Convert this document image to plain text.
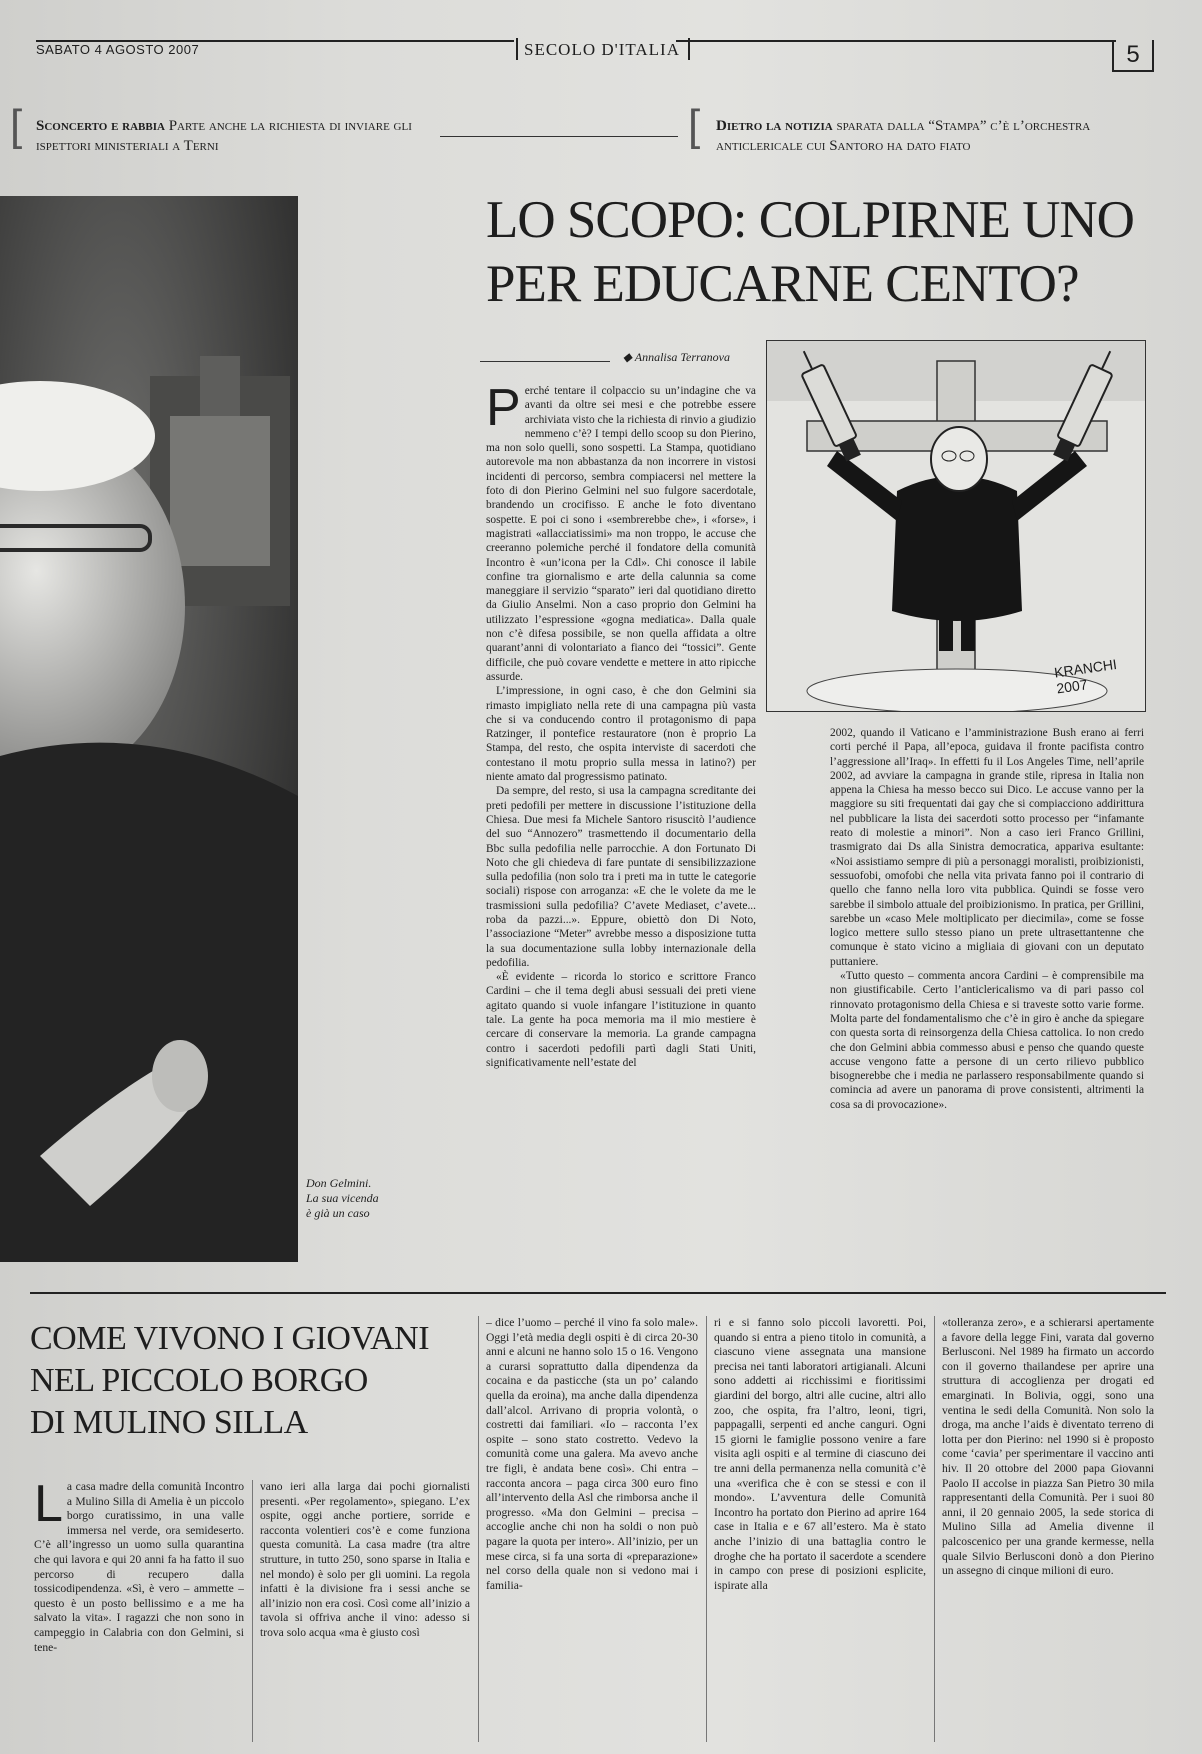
SABATO 4 AGOSTO 2007	SECOLO D'ITALIA	5
[ Sconcerto e rabbia Parte anche la richiesta di inviare gli ispettori ministeriali a Terni	[ Dietro la notizia sparata dalla “Stampa” c’è l’orchestra anticlericale cui Santoro ha dato fiato
Don Gelmini.
La sua vicenda
è già un caso
LO SCOPO: COLPIRNE UNO
PER EDUCARNE CENTO?
◆ Annalisa Terranova
KRANCHI 2007
P erché tentare il colpaccio su un’indagine che va avanti da oltre sei mesi e che potrebbe essere archiviata visto che la richiesta di rinvio a giudizio nemmeno c’è? I tempi dello scoop su don Pierino, ma non solo quelli, sono sospetti. La Stampa, quotidiano autorevole ma non abbastanza da non incorrere in vistosi incidenti di percorso, sembra compiacersi nel mettere la foto di don Pierino Gelmini nel suo fulgore sacerdotale, brandendo un crocifisso. E anche le foto diventano sospette. E poi ci sono i «sembrerebbe che», i «forse», i magistrati «allacciatissimi» ma non troppo, le accuse che creeranno polemiche perché il fondatore della comunità Incontro è «un’icona per la Cdl». Chi conosce il labile confine tra giornalismo e arte della calunnia sa come maneggiare il servizio “sparato” ieri dal quotidiano diretto da Giulio Anselmi. Non a caso proprio don Gelmini ha utilizzato l’espressione «gogna mediatica». Dalla quale non c’è difesa possibile, se non quella affidata a oltre quarant’anni di volontariato a fianco dei “tossici”. Gente difficile, che può covare vendette e mettere in atto ripicche assurde.

L’impressione, in ogni caso, è che don Gelmini sia rimasto impigliato nella rete di una campagna più vasta che si va conducendo contro il protagonismo di papa Ratzinger, il pontefice restauratore (non è proprio La Stampa, del resto, che ospita interviste di sacerdoti che contestano il motu proprio sulla messa in latino?) per niente amato dal progressismo patinato.

Da sempre, del resto, si usa la campagna screditante dei preti pedofili per mettere in discussione l’istituzione della Chiesa. Due mesi fa Michele Santoro risuscitò l’audience del suo “Annozero” trasmettendo il documentario della Bbc sulla pedofilia nelle parrocchie. A don Fortunato Di Noto che gli chiedeva di fare puntate di sensibilizzazione sulla pedofilia (non solo tra i preti ma in tutte le categorie sociali) rispose con arroganza: «E che le volete da me le trasmissioni sulla pedofilia? C’avete Mediaset, c’avete... roba da pazzi...». Eppure, obiettò don Di Noto, l’associazione “Meter” avrebbe messo a disposizione tutta la sua documentazione sulla lobby internazionale della pedofilia.

«È evidente – ricorda lo storico e scrittore Franco Cardini – che il tema degli abusi sessuali dei preti viene agitato quando si vuole infangare l’istituzione in quanto tale. La gente ha poca memoria ma il mio mestiere è cercare di conservare la memoria. La grande campagna contro i sacerdoti pedofili partì dagli Stati Uniti, significativamente nell’estate del

2002, quando il Vaticano e l’amministrazione Bush erano ai ferri corti perché il Papa, all’epoca, guidava il fronte pacifista contro l’aggressione all’Iraq». In effetti fu il Los Angeles Time, nell’aprile 2002, ad avviare la campagna in grande stile, ripresa in Italia non appena la Chiesa ha messo becco sui Dico. Le accuse vanno per la maggiore su siti frequentati dai gay che si compiacciono addirittura nel pubblicare la lista dei sacerdoti sotto processo per “infamante reato di molestie a minori”. Non a caso ieri Franco Grillini, trasmigrato dai Ds alla Sinistra democratica, appariva esultante: «Noi assistiamo sempre di più a personaggi moralisti, proibizionisti, sessuofobi, omofobi che nella vita privata fanno poi il contrario di quello che fanno nella loro vita pubblica. Quindi se fosse vero sarebbe il simbolo attuale del proibizionismo. In pratica, per Grillini, sarebbe un «caso Mele moltiplicato per diecimila», come se fosse logico mettere sullo stesso piano un prete ultrasettantenne che comunque è stato vicino a migliaia di giovani con un deputato puttaniere.

«Tutto questo – commenta ancora Cardini – è comprensibile ma non giustificabile. Certo l’anticlericalismo va di pari passo col rinnovato protagonismo della Chiesa e si traveste sotto varie forme. Molta parte del fondamentalismo che c’è in giro è anche da spiegare con questa sorta di reinsorgenza della Chiesa cattolica. Io non credo che don Gelmini abbia commesso abusi e penso che quando queste accuse vengono fatte a persone di un certo rilievo pubblico bisognerebbe che i media ne parlassero responsabilmente quando si comincia ad avere un panorama di prove consistenti, altrimenti la cosa sa di provocazione».

COME VIVONO I GIOVANI
NEL PICCOLO BORGO
DI MULINO SILLA
L a casa madre della comunità Incontro a Mulino Silla di Amelia è un piccolo borgo curatissimo, in una valle immersa nel verde, ora semideserto. C’è all’ingresso un uomo sulla quarantina che qui lavora e qui 20 anni fa ha fatto il suo percorso di recupero dalla tossicodipendenza. «Sì, è vero – ammette – questo è un posto bellissimo e a me ha salvato la vita». I ragazzi che non sono in campeggio in Calabria con don Gelmini, si tene-

vano ieri alla larga dai pochi giornalisti presenti. «Per regolamento», spiegano. L’ex ospite, oggi anche portiere, sorride e racconta volentieri cos’è e come funziona questa comunità. La casa madre (tra altre strutture, in tutto 250, sono sparse in Italia e nel mondo) è solo per gli uomini. La regola infatti è la divisione fra i sessi anche se all’inizio non era così. Così come all’inizio a tavola si offriva anche il vino: adesso si trova solo acqua «ma è giusto così

– dice l’uomo – perché il vino fa solo male». Oggi l’età media degli ospiti è di circa 20-30 anni e alcuni ne hanno solo 15 o 16. Vengono a curarsi soprattutto dalla dipendenza da cocaina e da pasticche (sta un po’ calando quella da eroina), ma anche dalla dipendenza dall’alcol. Arrivano di propria volontà, o costretti dai familiari. «Io – racconta l’ex ospite – sono stato costretto. Vedevo la comunità come una galera. Ma avevo anche tre figli, è andata bene così». Chi entra – racconta ancora – paga circa 300 euro fino all’intervento della Asl che rimborsa anche il progresso. «Ma don Gelmini – precisa – accoglie anche chi non ha soldi o non può pagare la quota per intero». All’inizio, per un mese circa, si fa una sorta di «preparazione» nel corso della quale non si vedono mai i familia-

ri e si fanno solo piccoli lavoretti. Poi, quando si entra a pieno titolo in comunità, a ciascuno viene assegnata una mansione precisa nei tanti laboratori artigianali. Alcuni sono addetti ai ricchissimi e fioritissimi giardini del borgo, altri alle cucine, altri allo zoo, che ospita, fra l’altro, leoni, tigri, pappagalli, serpenti ed anche canguri. Ogni 15 giorni le famiglie possono venire a fare visita agli ospiti e al termine di ciascuno dei tre anni della permanenza nella comunità c’è una «verifica che è con se stessi e con il mondo». L’avventura delle Comunità Incontro ha portato don Pierino ad aprire 164 case in Italia e e 67 all’estero. Ma è stato anche l’inizio di una battaglia contro le droghe che ha portato il sacerdote a scendere in campo con prese di posizioni esplicite, ispirate alla

«tolleranza zero», e a schierarsi apertamente a favore della legge Fini, varata dal governo Berlusconi. Nel 1989 ha firmato un accordo con il governo thailandese per aprire una struttura di accoglienza per drogati ed emarginati. In Bolivia, oggi, sono una ventina le sedi della Comunità. Non solo la droga, ma anche l’aids è diventato terreno di lotta per don Pierino: nel 1990 si è proposto come ‘cavia’ per sperimentare il vaccino anti hiv. Il 20 ottobre del 2000 papa Giovanni Paolo II accolse in piazza San Pietro 30 mila rappresentanti della Comunità. Per i suoi 80 anni, il 20 gennaio 2005, la sede storica di Mulino Silla ad Amelia divenne il palcoscenico per una grande kermesse, nella quale Silvio Berlusconi donò a don Pierino un assegno di cinque milioni di euro.
